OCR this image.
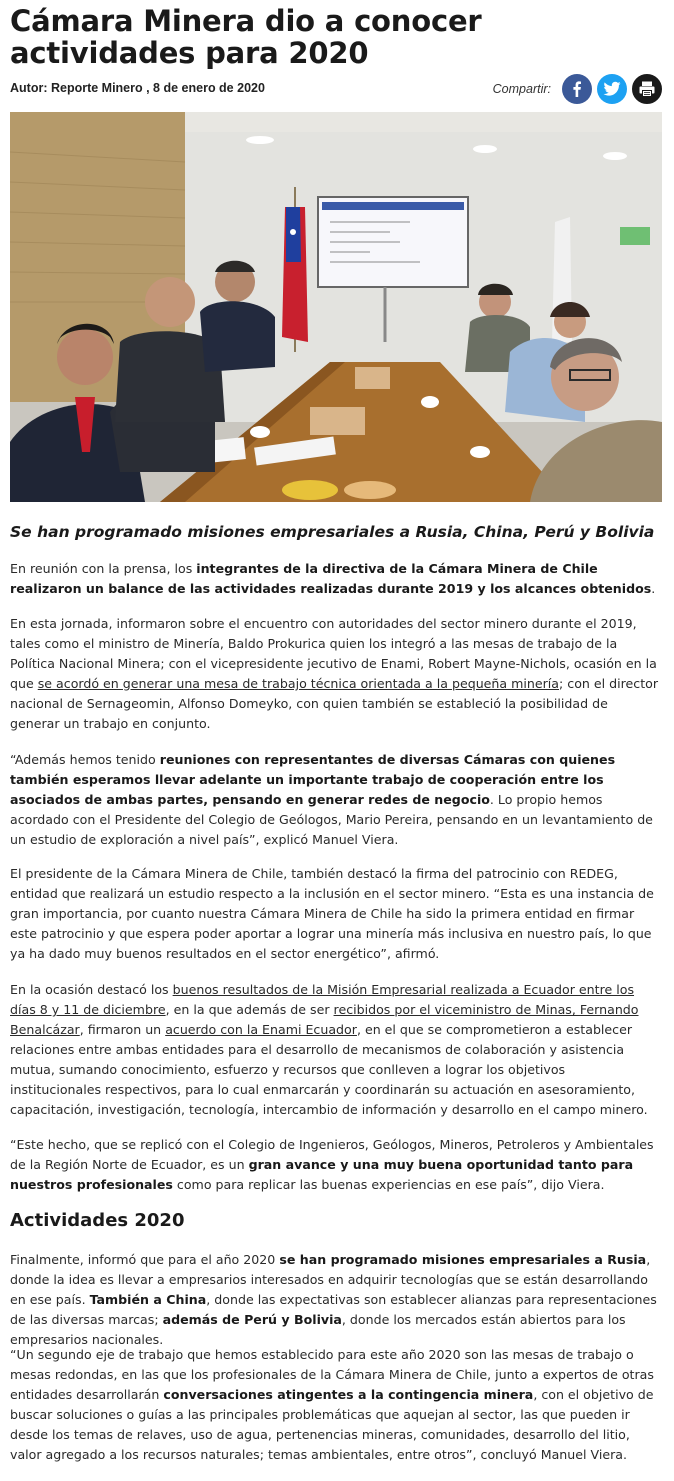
Cámara Minera dio a conocer actividades para 2020
Autor: Reporte Minero , 8 de enero de 2020	Compartir:
Se han programado misiones empresariales a Rusia, China, Perú y Bolivia

En reunión con la prensa, los integrantes de la directiva de la Cámara Minera de Chile realizaron un balance de las actividades realizadas durante 2019 y los alcances obtenidos.

En esta jornada, informaron sobre el encuentro con autoridades del sector minero durante el 2019, tales como el ministro de Minería, Baldo Prokurica quien los integró a las mesas de trabajo de la Política Nacional Minera; con el vicepresidente jecutivo de Enami, Robert Mayne-Nichols, ocasión en la que se acordó en generar una mesa de trabajo técnica orientada a la pequeña minería; con el director nacional de Sernageomin, Alfonso Domeyko, con quien también se estableció la posibilidad de generar un trabajo en conjunto.

“Además hemos tenido reuniones con representantes de diversas Cámaras con quienes también esperamos llevar adelante un importante trabajo de cooperación entre los asociados de ambas partes, pensando en generar redes de negocio. Lo propio hemos acordado con el Presidente del Colegio de Geólogos, Mario Pereira, pensando en un levantamiento de un estudio de exploración a nivel país”, explicó Manuel Viera.

El presidente de la Cámara Minera de Chile, también destacó la firma del patrocinio con REDEG, entidad que realizará un estudio respecto a la inclusión en el sector minero. “Esta es una instancia de gran importancia, por cuanto nuestra Cámara Minera de Chile ha sido la primera entidad en firmar este patrocinio y que espera poder aportar a lograr una minería más inclusiva en nuestro país, lo que ya ha dado muy buenos resultados en el sector energético”, afirmó.

En la ocasión destacó los buenos resultados de la Misión Empresarial realizada a Ecuador entre los días 8 y 11 de diciembre, en la que además de ser recibidos por el viceministro de Minas, Fernando Benalcázar, firmaron un acuerdo con la Enami Ecuador, en el que se comprometieron a establecer relaciones entre ambas entidades para el desarrollo de mecanismos de colaboración y asistencia mutua, sumando conocimiento, esfuerzo y recursos que conlleven a lograr los objetivos institucionales respectivos, para lo cual enmarcarán y coordinarán su actuación en asesoramiento, capacitación, investigación, tecnología, intercambio de información y desarrollo en el campo minero.

“Este hecho, que se replicó con el Colegio de Ingenieros, Geólogos, Mineros, Petroleros y Ambientales de la Región Norte de Ecuador, es un gran avance y una muy buena oportunidad tanto para nuestros profesionales como para replicar las buenas experiencias en ese país”, dijo Viera.

Actividades 2020

Finalmente, informó que para el año 2020 se han programado misiones empresariales a Rusia, donde la idea es llevar a empresarios interesados en adquirir tecnologías que se están desarrollando en ese país. También a China, donde las expectativas son establecer alianzas para representaciones de las diversas marcas; además de Perú y Bolivia, donde los mercados están abiertos para los empresarios nacionales.

“Un segundo eje de trabajo que hemos establecido para este año 2020 son las mesas de trabajo o mesas redondas, en las que los profesionales de la Cámara Minera de Chile, junto a expertos de otras entidades desarrollarán conversaciones atingentes a la contingencia minera, con el objetivo de buscar soluciones o guías a las principales problemáticas que aquejan al sector, las que pueden ir desde los temas de relaves, uso de agua, pertenencias mineras, comunidades, desarrollo del litio, valor agregado a los recursos naturales; temas ambientales, entre otros”, concluyó Manuel Viera.
